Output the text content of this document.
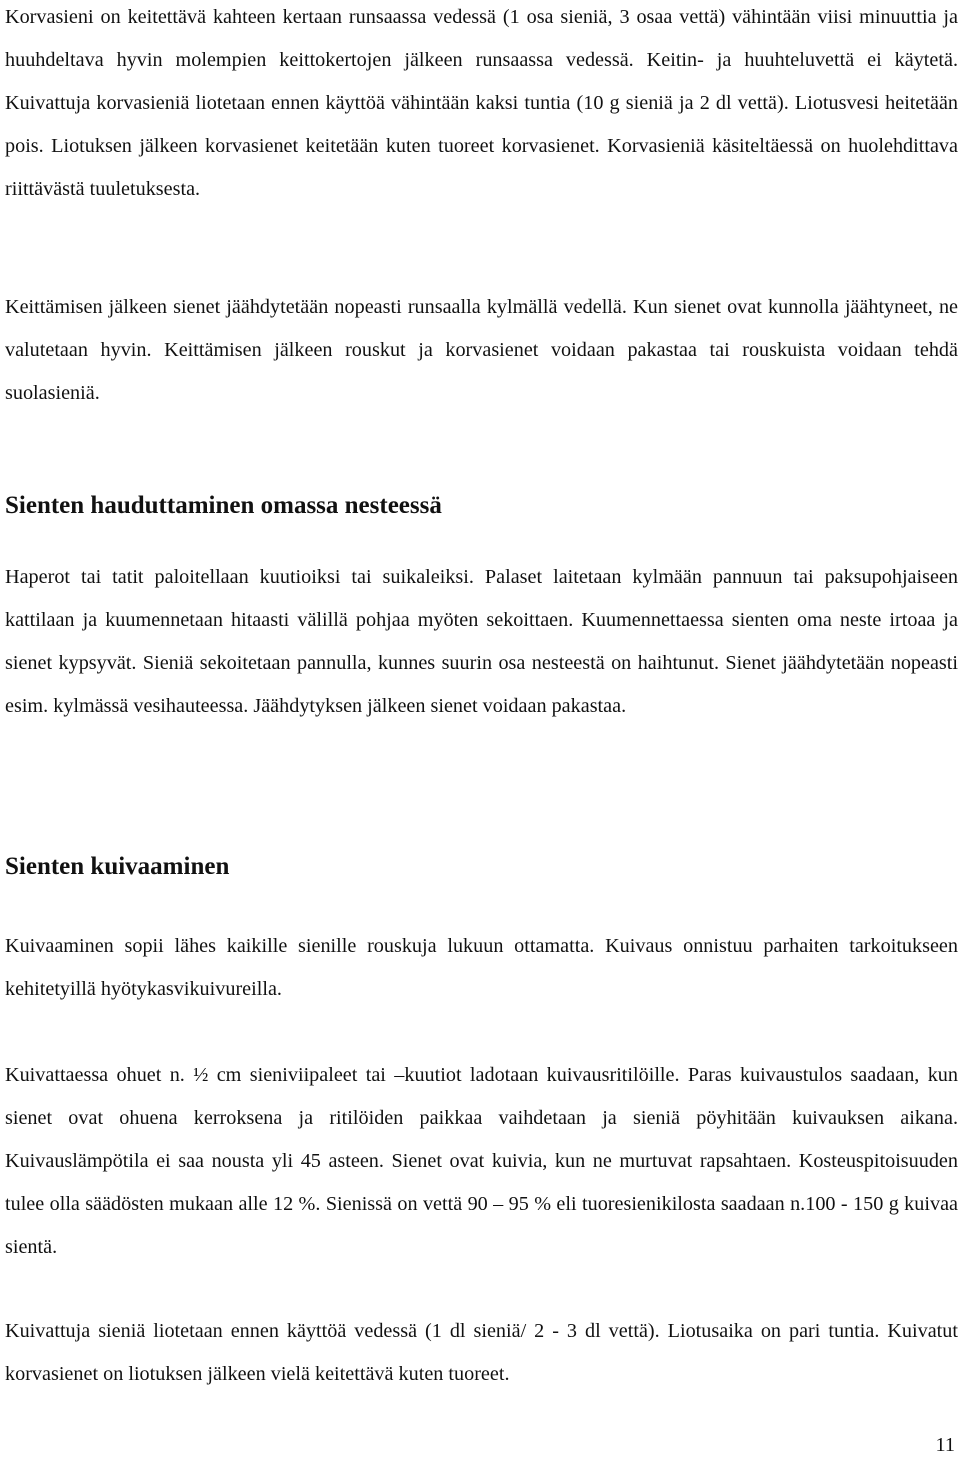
Korvasieni on keitettävä kahteen kertaan runsaassa vedessä (1 osa sieniä, 3 osaa vettä) vähintään viisi minuuttia ja huuhdeltava hyvin molempien keittokertojen jälkeen runsaassa vedessä. Keitin- ja huuhteluvettä ei käytetä. Kuivattuja korvasieniä liotetaan ennen käyttöä vähintään kaksi tuntia (10 g sieniä ja 2 dl vettä). Liotusvesi heitetään pois. Liotuksen jälkeen korvasienet keitetään kuten tuoreet korvasienet. Korvasieniä käsiteltäessä on huolehdittava riittävästä tuuletuksesta.

Keittämisen jälkeen sienet jäähdytetään nopeasti runsaalla kylmällä vedellä. Kun sienet ovat kunnolla jäähtyneet, ne valutetaan hyvin. Keittämisen jälkeen rouskut ja korvasienet voidaan pakastaa tai rouskuista voidaan tehdä suolasieniä.

Sienten hauduttaminen omassa nesteessä

Haperot tai tatit paloitellaan kuutioiksi tai suikaleiksi. Palaset laitetaan kylmään pannuun tai paksupohjaiseen kattilaan ja kuumennetaan hitaasti välillä pohjaa myöten sekoittaen. Kuumennettaessa sienten oma neste irtoaa ja sienet kypsyvät. Sieniä sekoitetaan pannulla, kunnes suurin osa nesteestä on haihtunut. Sienet jäähdytetään nopeasti esim. kylmässä vesihauteessa. Jäähdytyksen jälkeen sienet voidaan pakastaa.

Sienten kuivaaminen

Kuivaaminen sopii lähes kaikille sienille rouskuja lukuun ottamatta. Kuivaus onnistuu parhaiten tarkoitukseen kehitetyillä hyötykasvikuivureilla.

Kuivattaessa ohuet n. ½ cm sieniviipaleet tai –kuutiot ladotaan kuivausritilöille. Paras kuivaustulos saadaan, kun sienet ovat ohuena kerroksena ja ritilöiden paikkaa vaihdetaan ja sieniä pöyhitään kuivauksen aikana. Kuivauslämpötila ei saa nousta yli 45 asteen. Sienet ovat kuivia, kun ne murtuvat rapsahtaen. Kosteuspitoisuuden tulee olla säädösten mukaan alle 12 %. Sienissä on vettä 90 – 95 % eli tuoresienikilosta saadaan n.100 - 150 g kuivaa sientä.

Kuivattuja sieniä liotetaan ennen käyttöä vedessä (1 dl sieniä/ 2 - 3 dl vettä). Liotusaika on pari tuntia. Kuivatut korvasienet on liotuksen jälkeen vielä keitettävä kuten tuoreet.

11
